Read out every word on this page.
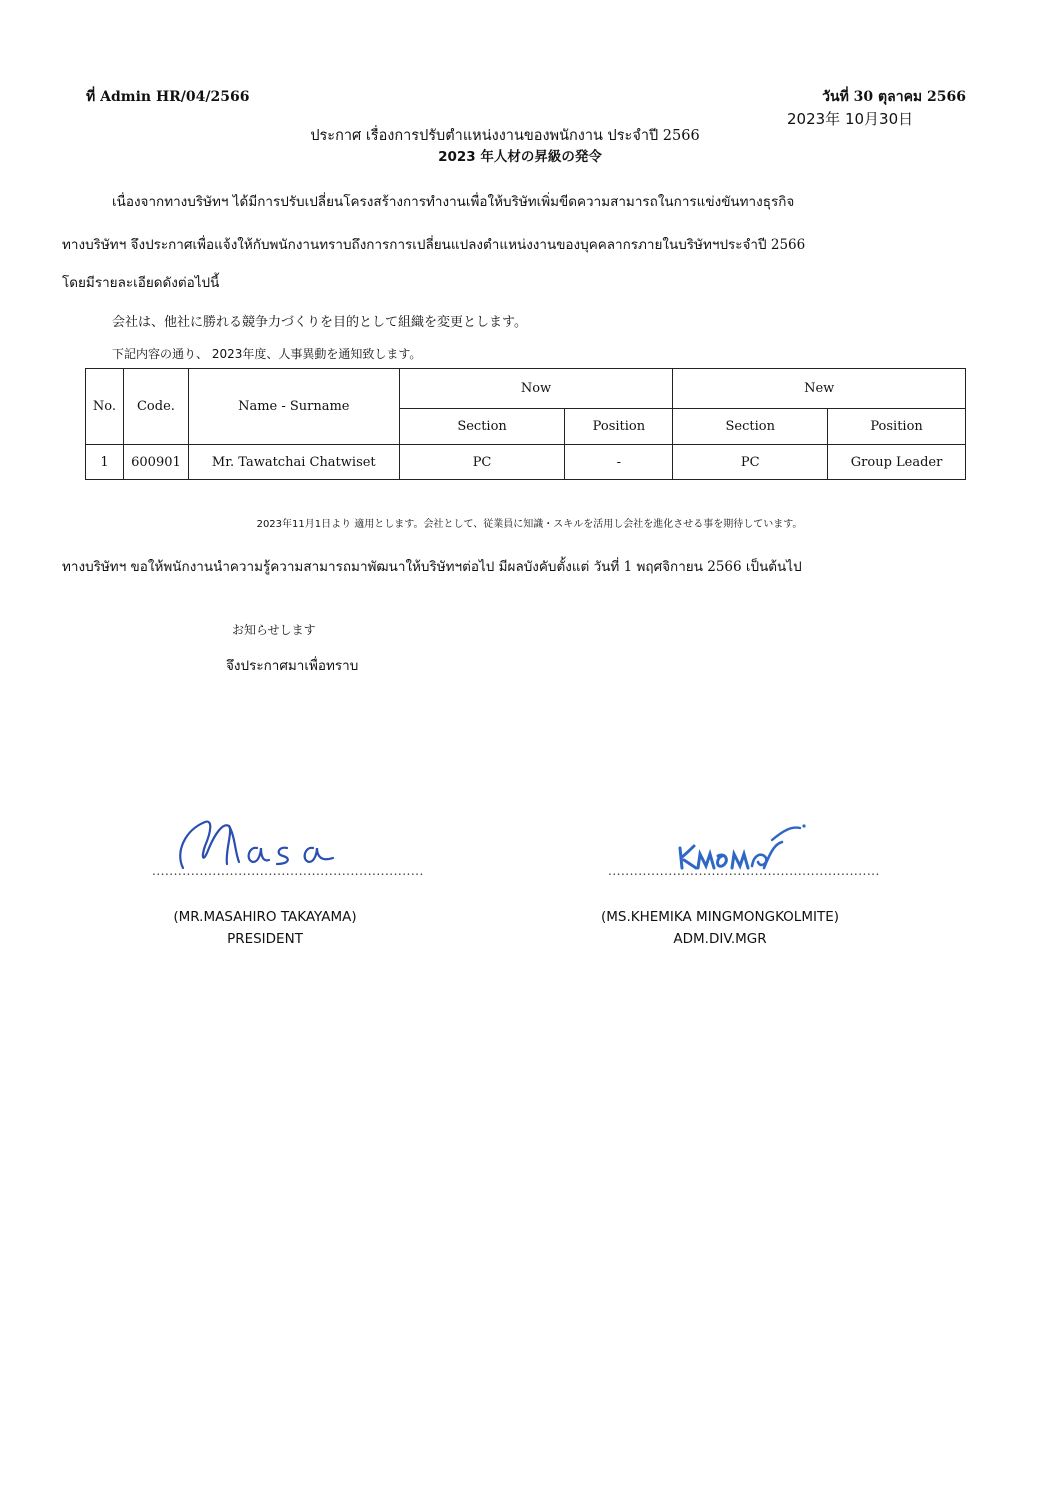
ที่ Admin HR/04/2566	วันที่ 30 ตุลาคม 2566
2023年 10月30日
ประกาศ เรื่องการปรับตำแหน่งงานของพนักงาน ประจำปี 2566
2023 年人材の昇級の発令
เนื่องจากทางบริษัทฯ ได้มีการปรับเปลี่ยนโครงสร้างการทำงานเพื่อให้บริษัทเพิ่มขีดความสามารถในการแข่งขันทางธุรกิจ
ทางบริษัทฯ จึงประกาศเพื่อแจ้งให้กับพนักงานทราบถึงการการเปลี่ยนแปลงตำแหน่งงานของบุคคลากรภายในบริษัทฯประจำปี 2566
โดยมีรายละเอียดดังต่อไปนี้
会社は、他社に勝れる競争力づくりを目的として組織を変更とします。
下記内容の通り、 2023年度、人事異動を通知致します。
No.	Code.	Name - Surname	Now		New	
			Section	Position	Section	Position
1	600901	Mr. Tawatchai Chatwiset	PC	-	PC	Group Leader
2023年11月1日より 適用とします。会社として、従業員に知識・スキルを活用し会社を進化させる事を期待しています。
ทางบริษัทฯ ขอให้พนักงานนำความรู้ความสามารถมาพัฒนาให้บริษัทฯต่อไป มีผลบังคับตั้งแต่ วันที่ 1 พฤศจิกายน 2566 เป็นต้นไป
お知らせします
จึงประกาศมาเพื่อทราบ
...............................................................
(MR.MASAHIRO TAKAYAMA)
PRESIDENT
...............................................................
(MS.KHEMIKA MINGMONGKOLMITE)
ADM.DIV.MGR
